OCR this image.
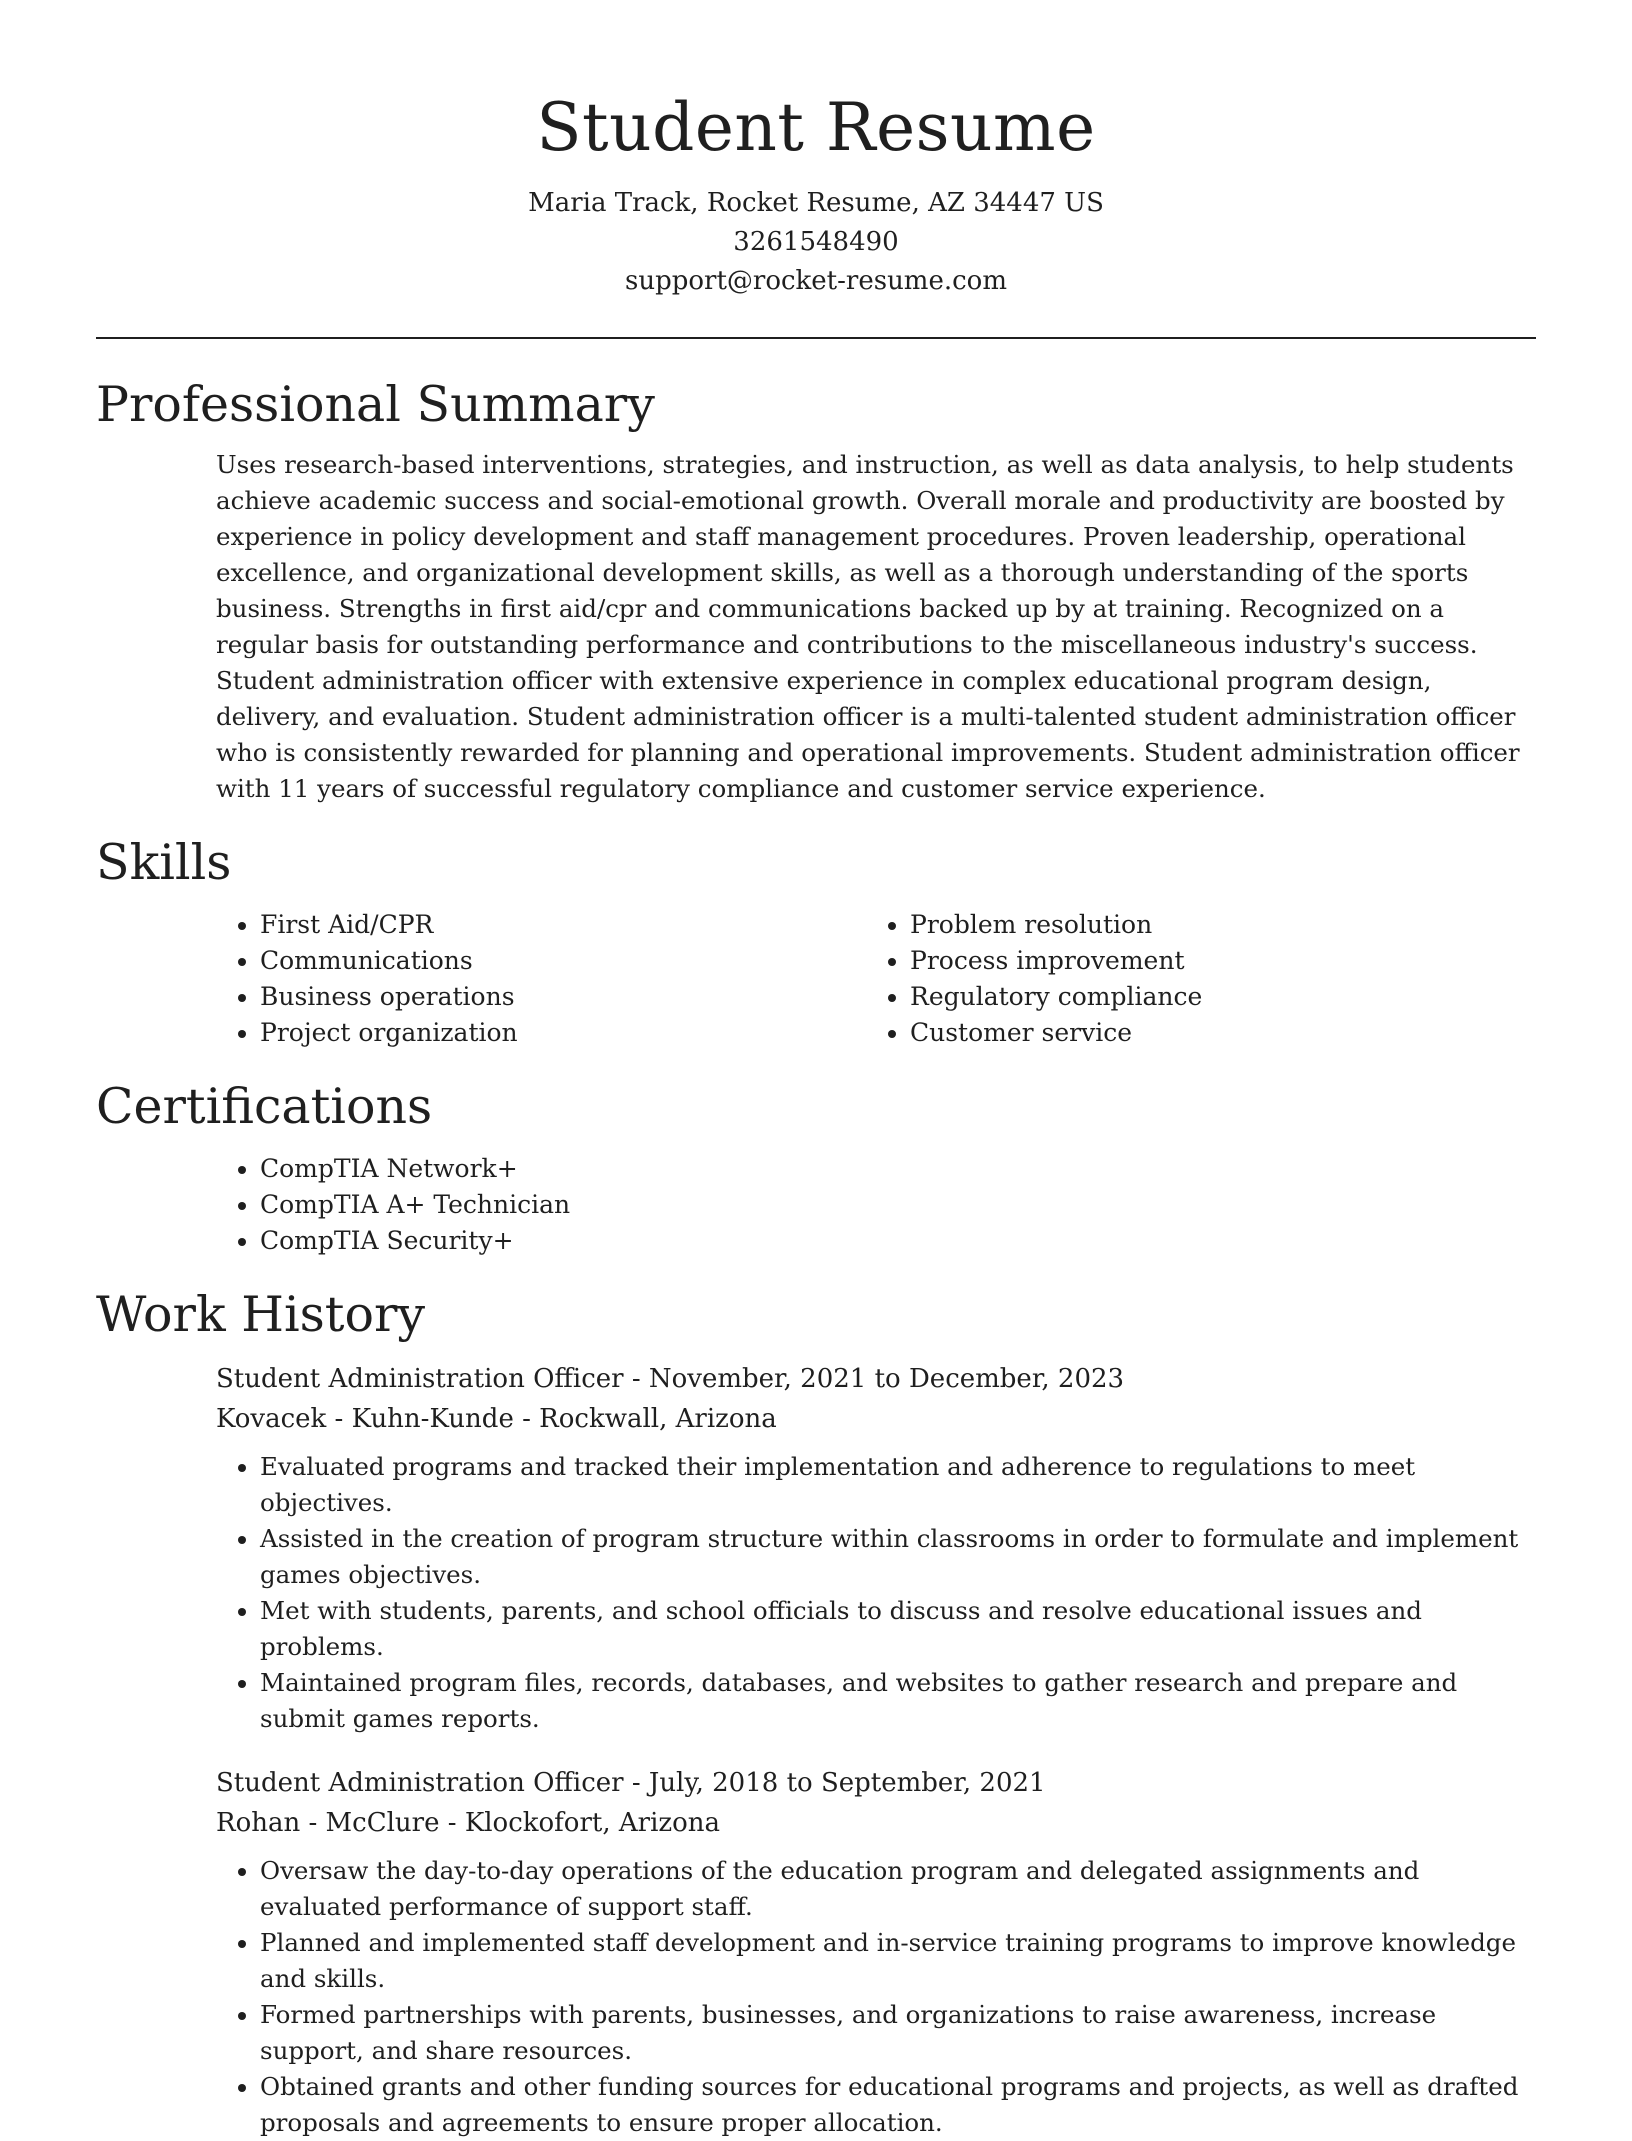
Student Resume
Maria Track, Rocket Resume, AZ 34447 US
3261548490
support@rocket-resume.com
Professional Summary
Uses research-based interventions, strategies, and instruction, as well as data analysis, to help students achieve academic success and social-emotional growth. Overall morale and productivity are boosted by experience in policy development and staff management procedures. Proven leadership, operational excellence, and organizational development skills, as well as a thorough understanding of the sports business. Strengths in first aid/cpr and communications backed up by at training. Recognized on a regular basis for outstanding performance and contributions to the miscellaneous industry's success. Student administration officer with extensive experience in complex educational program design, delivery, and evaluation. Student administration officer is a multi-talented student administration officer who is consistently rewarded for planning and operational improvements. Student administration officer with 11 years of successful regulatory compliance and customer service experience.
Skills
• First Aid/CPR
• Communications
• Business operations
• Project organization
• Problem resolution
• Process improvement
• Regulatory compliance
• Customer service
Certifications
• CompTIA Network+
• CompTIA A+ Technician
• CompTIA Security+
Work History
Student Administration Officer - November, 2021 to December, 2023
Kovacek - Kuhn-Kunde - Rockwall, Arizona
• Evaluated programs and tracked their implementation and adherence to regulations to meet objectives.
• Assisted in the creation of program structure within classrooms in order to formulate and implement games objectives.
• Met with students, parents, and school officials to discuss and resolve educational issues and problems.
• Maintained program files, records, databases, and websites to gather research and prepare and submit games reports.
Student Administration Officer - July, 2018 to September, 2021
Rohan - McClure - Klockofort, Arizona
• Oversaw the day-to-day operations of the education program and delegated assignments and evaluated performance of support staff.
• Planned and implemented staff development and in-service training programs to improve knowledge and skills.
• Formed partnerships with parents, businesses, and organizations to raise awareness, increase support, and share resources.
• Obtained grants and other funding sources for educational programs and projects, as well as drafted proposals and agreements to ensure proper allocation.
